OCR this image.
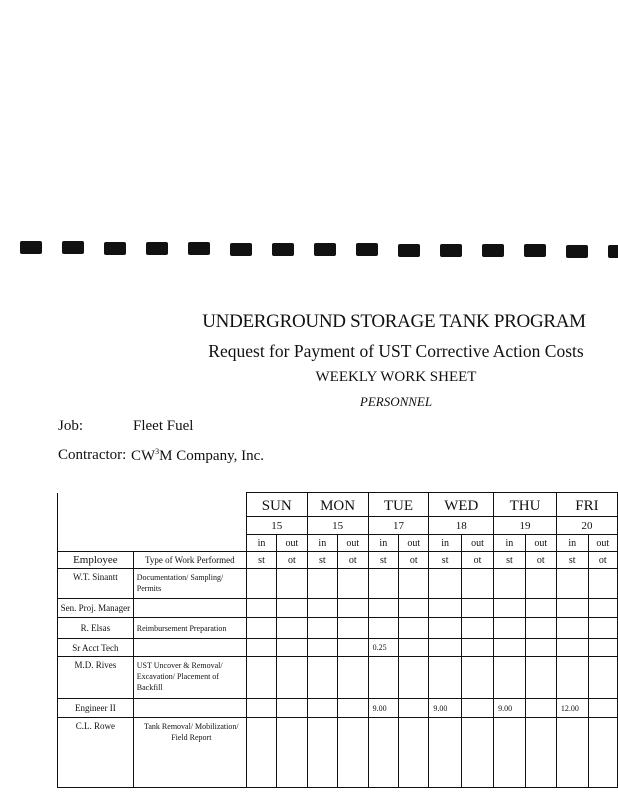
UNDERGROUND STORAGE TANK PROGRAM
Request for Payment of UST Corrective Action Costs
WEEKLY WORK SHEET
PERSONNEL
Job:	Fleet Fuel
Contractor: $CW^3M$ Company, Inc.
		SUN		MON		TUE		WED		THU		FRI	
		15		15		17		18		19		20	
		in	out	in	out	in	out	in	out	in	out	in	out
Employee	Type of Work Performed	st	ot	st	ot	st	ot	st	ot	st	ot	st	ot
W.T. Sinantt	Documentation/ Sampling/ Permits												
Sen. Proj. Manager													
R. Elsas	Reimbursement Preparation												
Sr Acct Tech						0.25							
M.D. Rives	UST Uncover & Removal/ Excavation/ Placement of Backfill												
Engineer II						9.00		9.00		9.00		12.00	
C.L. Rowe	Tank Removal/ Mobilization/ Field Report												
